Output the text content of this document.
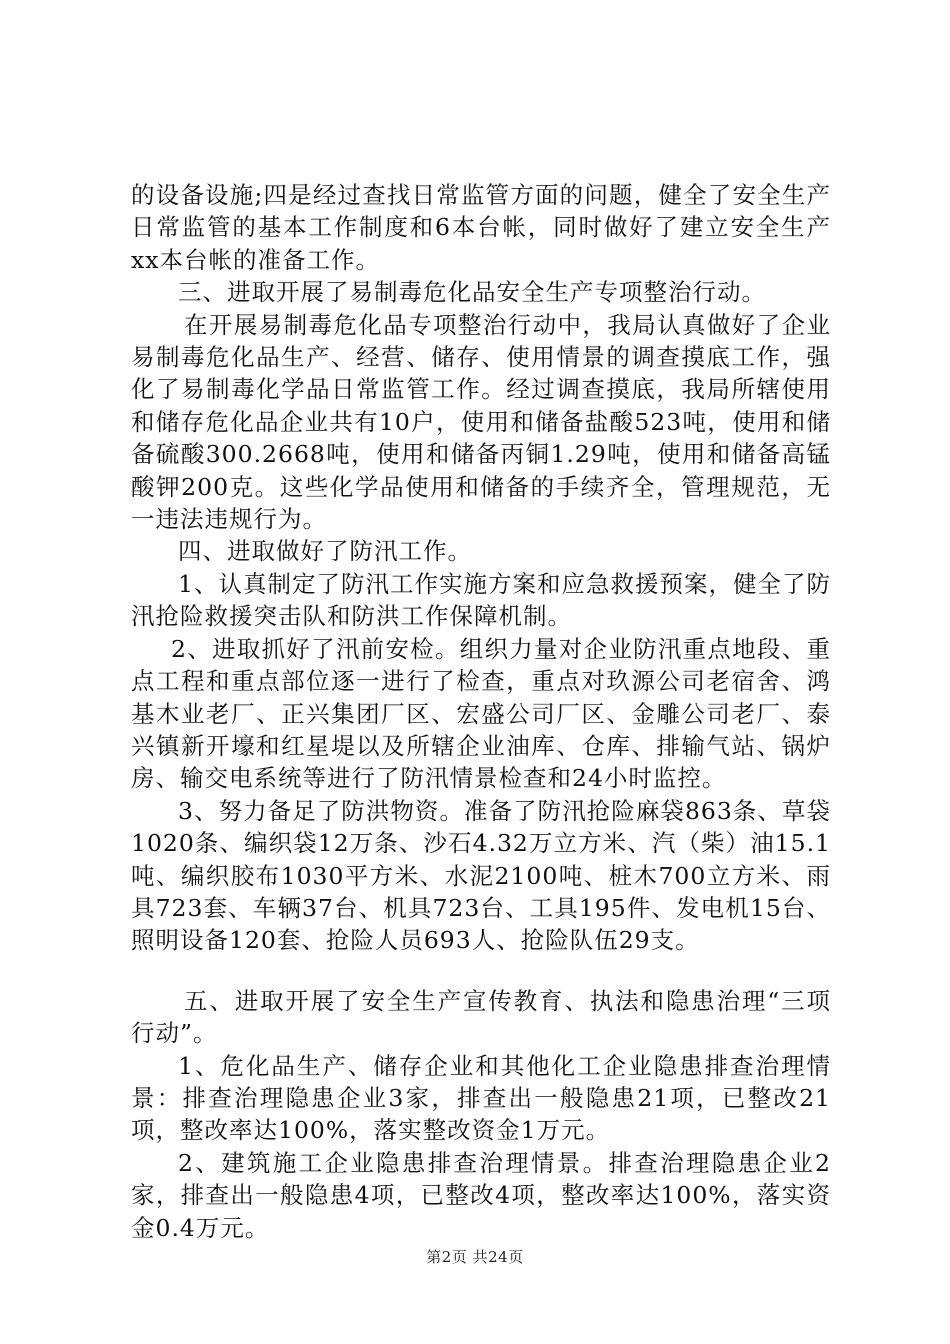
的设备设施;四是经过查找日常监管方面的问题，健全了安全生产日常监管的基本工作制度和6本台帐，同时做好了建立安全生产xx本台帐的准备工作。

三、进取开展了易制毒危化品安全生产专项整治行动。

在开展易制毒危化品专项整治行动中，我局认真做好了企业易制毒危化品生产、经营、储存、使用情景的调查摸底工作，强化了易制毒化学品日常监管工作。经过调查摸底，我局所辖使用和储存危化品企业共有10户，使用和储备盐酸523吨，使用和储备硫酸300.2668吨，使用和储备丙铜1.29吨，使用和储备高锰酸钾200克。这些化学品使用和储备的手续齐全，管理规范，无一违法违规行为。

四、进取做好了防汛工作。

1、认真制定了防汛工作实施方案和应急救援预案，健全了防汛抢险救援突击队和防洪工作保障机制。

2、进取抓好了汛前安检。组织力量对企业防汛重点地段、重点工程和重点部位逐一进行了检查，重点对玖源公司老宿舍、鸿基木业老厂、正兴集团厂区、宏盛公司厂区、金雕公司老厂、泰兴镇新开壕和红星堤以及所辖企业油库、仓库、排输气站、锅炉房、输交电系统等进行了防汛情景检查和24小时监控。

3、努力备足了防洪物资。准备了防汛抢险麻袋863条、草袋1020条、编织袋12万条、沙石4.32万立方米、汽（柴）油15.1吨、编织胶布1030平方米、水泥2100吨、桩木700立方米、雨具723套、车辆37台、机具723台、工具195件、发电机15台、照明设备120套、抢险人员693人、抢险队伍29支。

五、进取开展了安全生产宣传教育、执法和隐患治理“三项行动”。

1、危化品生产、储存企业和其他化工企业隐患排查治理情景：排查治理隐患企业3家，排查出一般隐患21项，已整改21项，整改率达100%，落实整改资金1万元。

2、建筑施工企业隐患排查治理情景。排查治理隐患企业2家，排查出一般隐患4项，已整改4项，整改率达100%，落实资金0.4万元。

第2页 共24页
